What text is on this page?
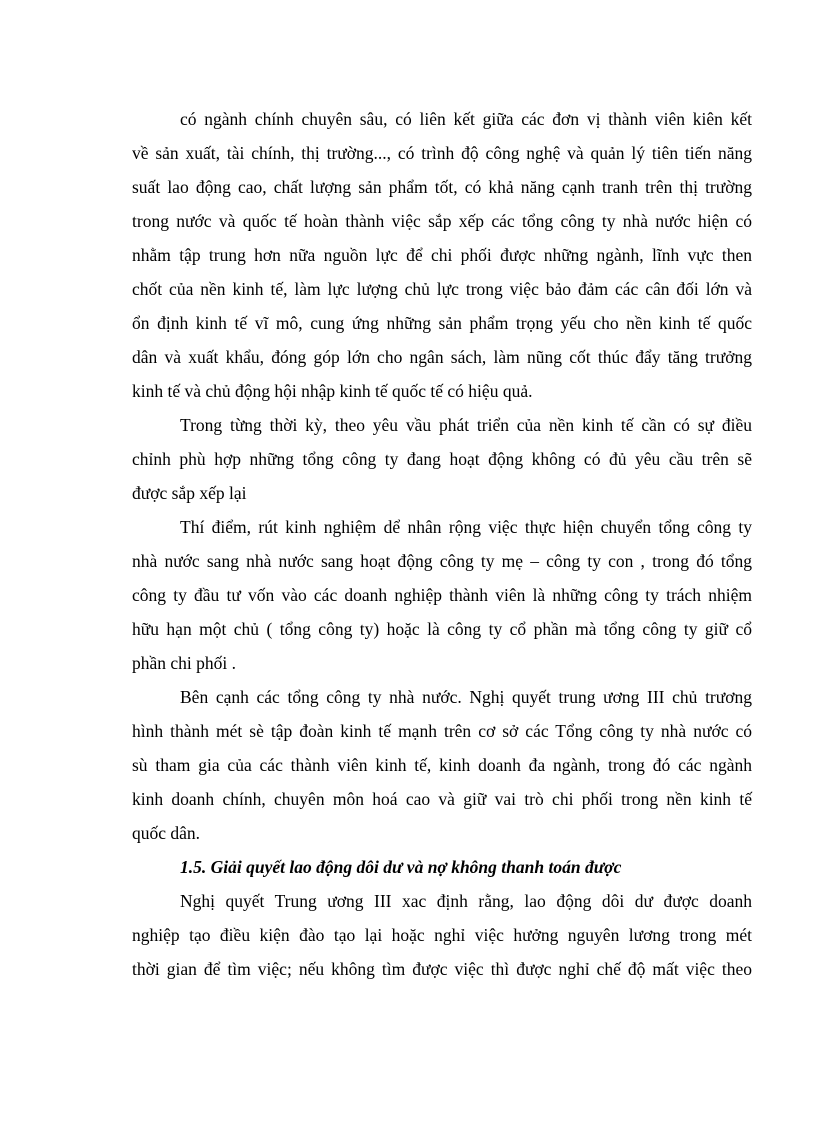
có ngành chính chuyên sâu, có liên kết giữa các đơn vị thành viên kiên kết
về sản xuất, tài chính, thị trường..., có trình độ công nghệ và quản lý tiên tiến năng
suất lao động cao, chất lượng sản phẩm tốt, có khả năng cạnh tranh trên thị trường
trong nước và quốc tế hoàn thành việc sắp xếp các tổng công ty nhà nước hiện có
nhằm tập trung hơn nữa nguồn lực để chi phối được những ngành, lĩnh vực then
chốt của nền kinh tế, làm lực lượng chủ lực trong việc bảo đảm các cân đối lớn và
ổn định kinh tế vĩ mô, cung ứng những sản phẩm trọng yếu cho nền kinh tế quốc
dân và xuất khẩu, đóng góp lớn cho ngân sách, làm nũng cốt thúc đẩy tăng trưởng
kinh tế và chủ động hội nhập kinh tế quốc tế có hiệu quả.
Trong từng thời kỳ, theo yêu vầu phát triển của nền kinh tế cần có sự điều
chỉnh phù hợp những tổng công ty đang hoạt động không có đủ yêu cầu trên sẽ
được sắp xếp lại
Thí điểm, rút kinh nghiệm dể nhân rộng việc thực hiện chuyển tổng công ty
nhà nước sang nhà nước sang hoạt động công ty mẹ – công ty con , trong đó tổng
công ty đầu tư vốn vào các doanh nghiệp thành viên là những công ty trách nhiệm
hữu hạn một chủ ( tổng công ty) hoặc là công ty cổ phần mà tổng công ty giữ cổ
phần chi phối .
Bên cạnh các tổng công ty nhà nước. Nghị quyết trung ương III chủ trương
hình thành mét sè tập đoàn kinh tế mạnh trên cơ sở các Tổng công ty nhà nước có
sù tham gia của các thành viên kinh tế, kinh doanh đa ngành, trong đó các ngành
kinh doanh chính, chuyên môn hoá cao và giữ vai trò chi phối trong nền kinh tế
quốc dân.
1.5. Giải quyết lao động dôi dư và nợ không thanh toán được
Nghị quyết Trung ương III xac định rằng, lao động dôi dư được doanh
nghiệp tạo điều kiện đào tạo lại hoặc nghỉ việc hưởng nguyên lương trong mét
thời gian để tìm việc; nếu không tìm được việc thì được nghỉ chế độ mất việc theo
